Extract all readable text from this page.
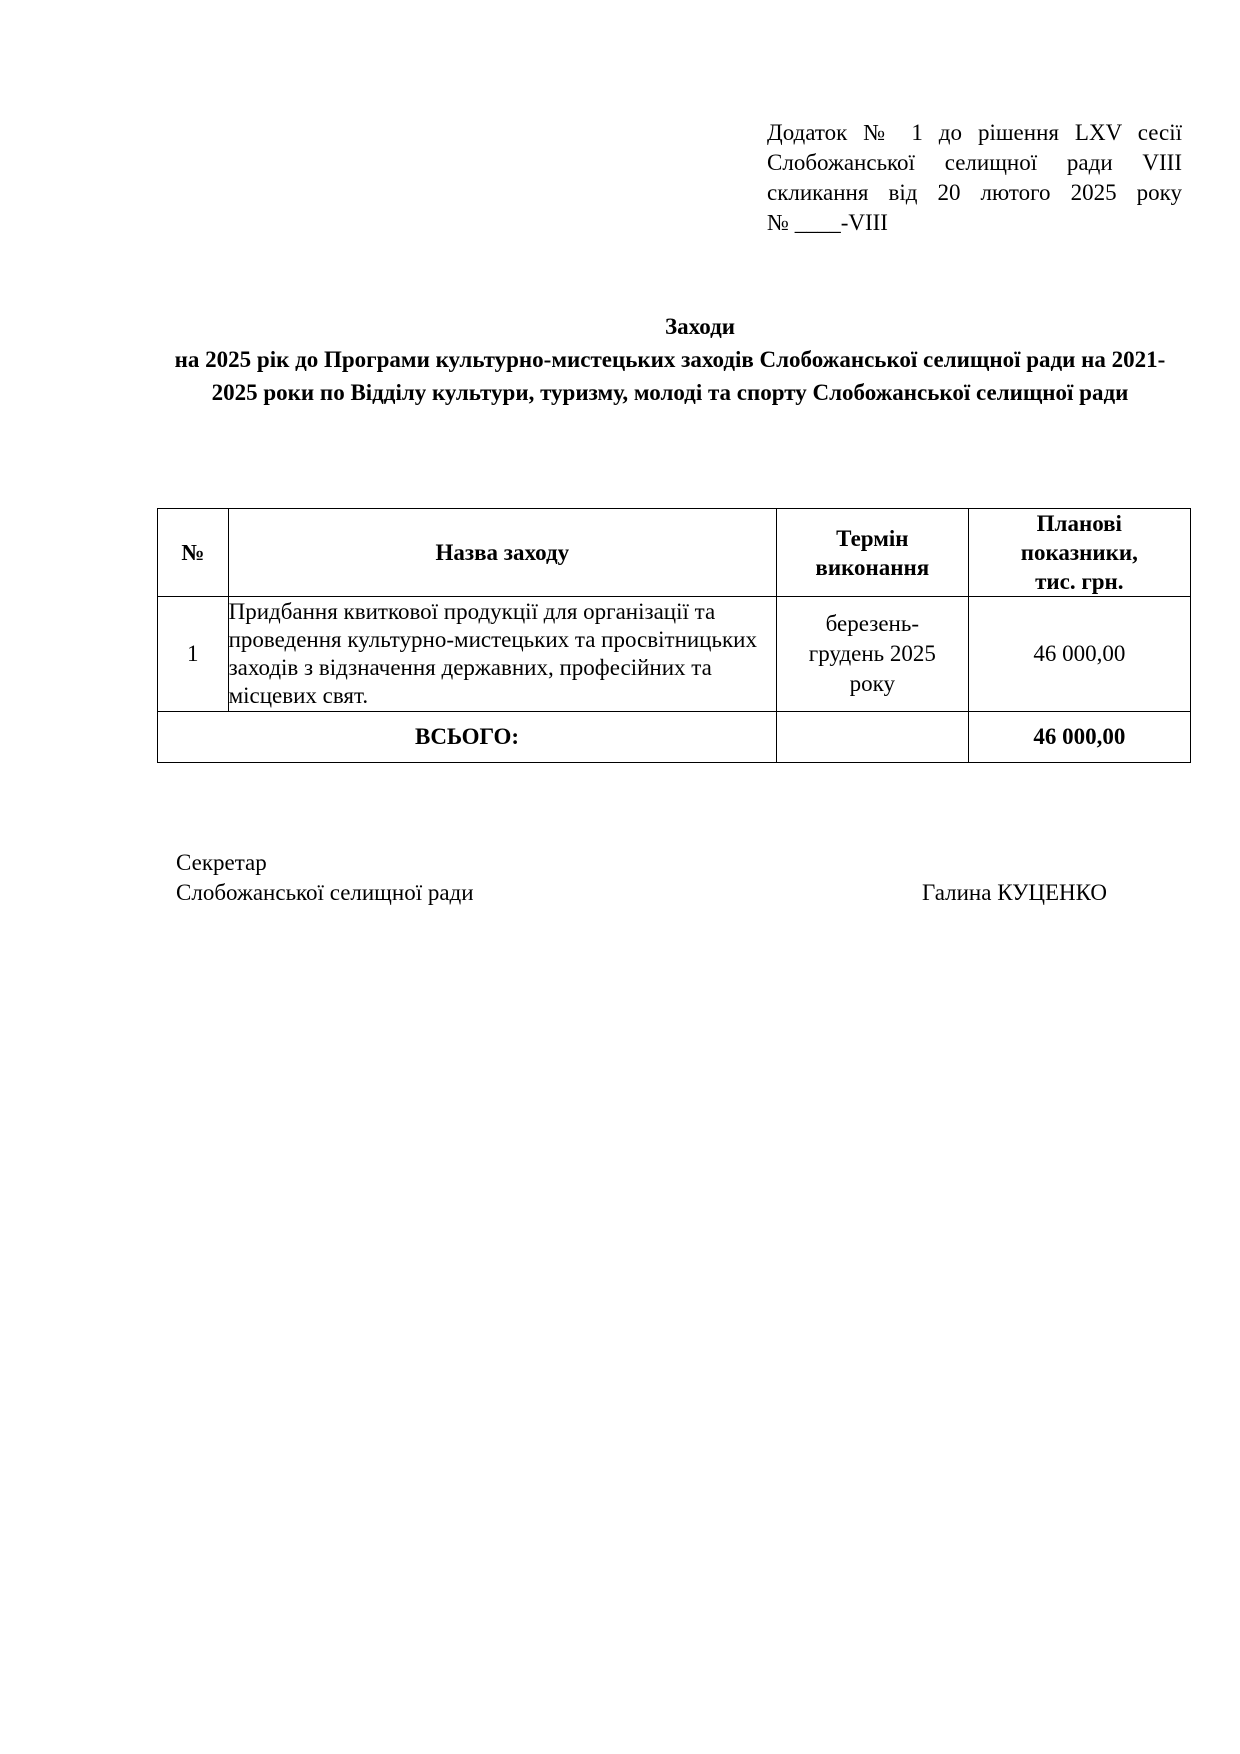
Додаток № 1 до рішення LXV сесії
Слобожанської селищної ради VIII
скликання від 20 лютого 2025 року
№ ____-VIII
Заходи
на 2025 рік до Програми культурно-мистецьких заходів Слобожанської селищної ради на 2021-2025 роки по Відділу культури, туризму, молоді та спорту Слобожанської селищної ради
№	Назва заходу	Термін виконання	Планові показники, тис. грн.

1	Придбання квиткової продукції для організації та проведення культурно-мистецьких та просвітницьких заходів з відзначення державних, професійних та місцевих свят.	березень-грудень 2025 року	46 000,00
ВСЬОГО:			46 000,00
Секретар
Слобожанської селищної ради	Галина КУЦЕНКО
